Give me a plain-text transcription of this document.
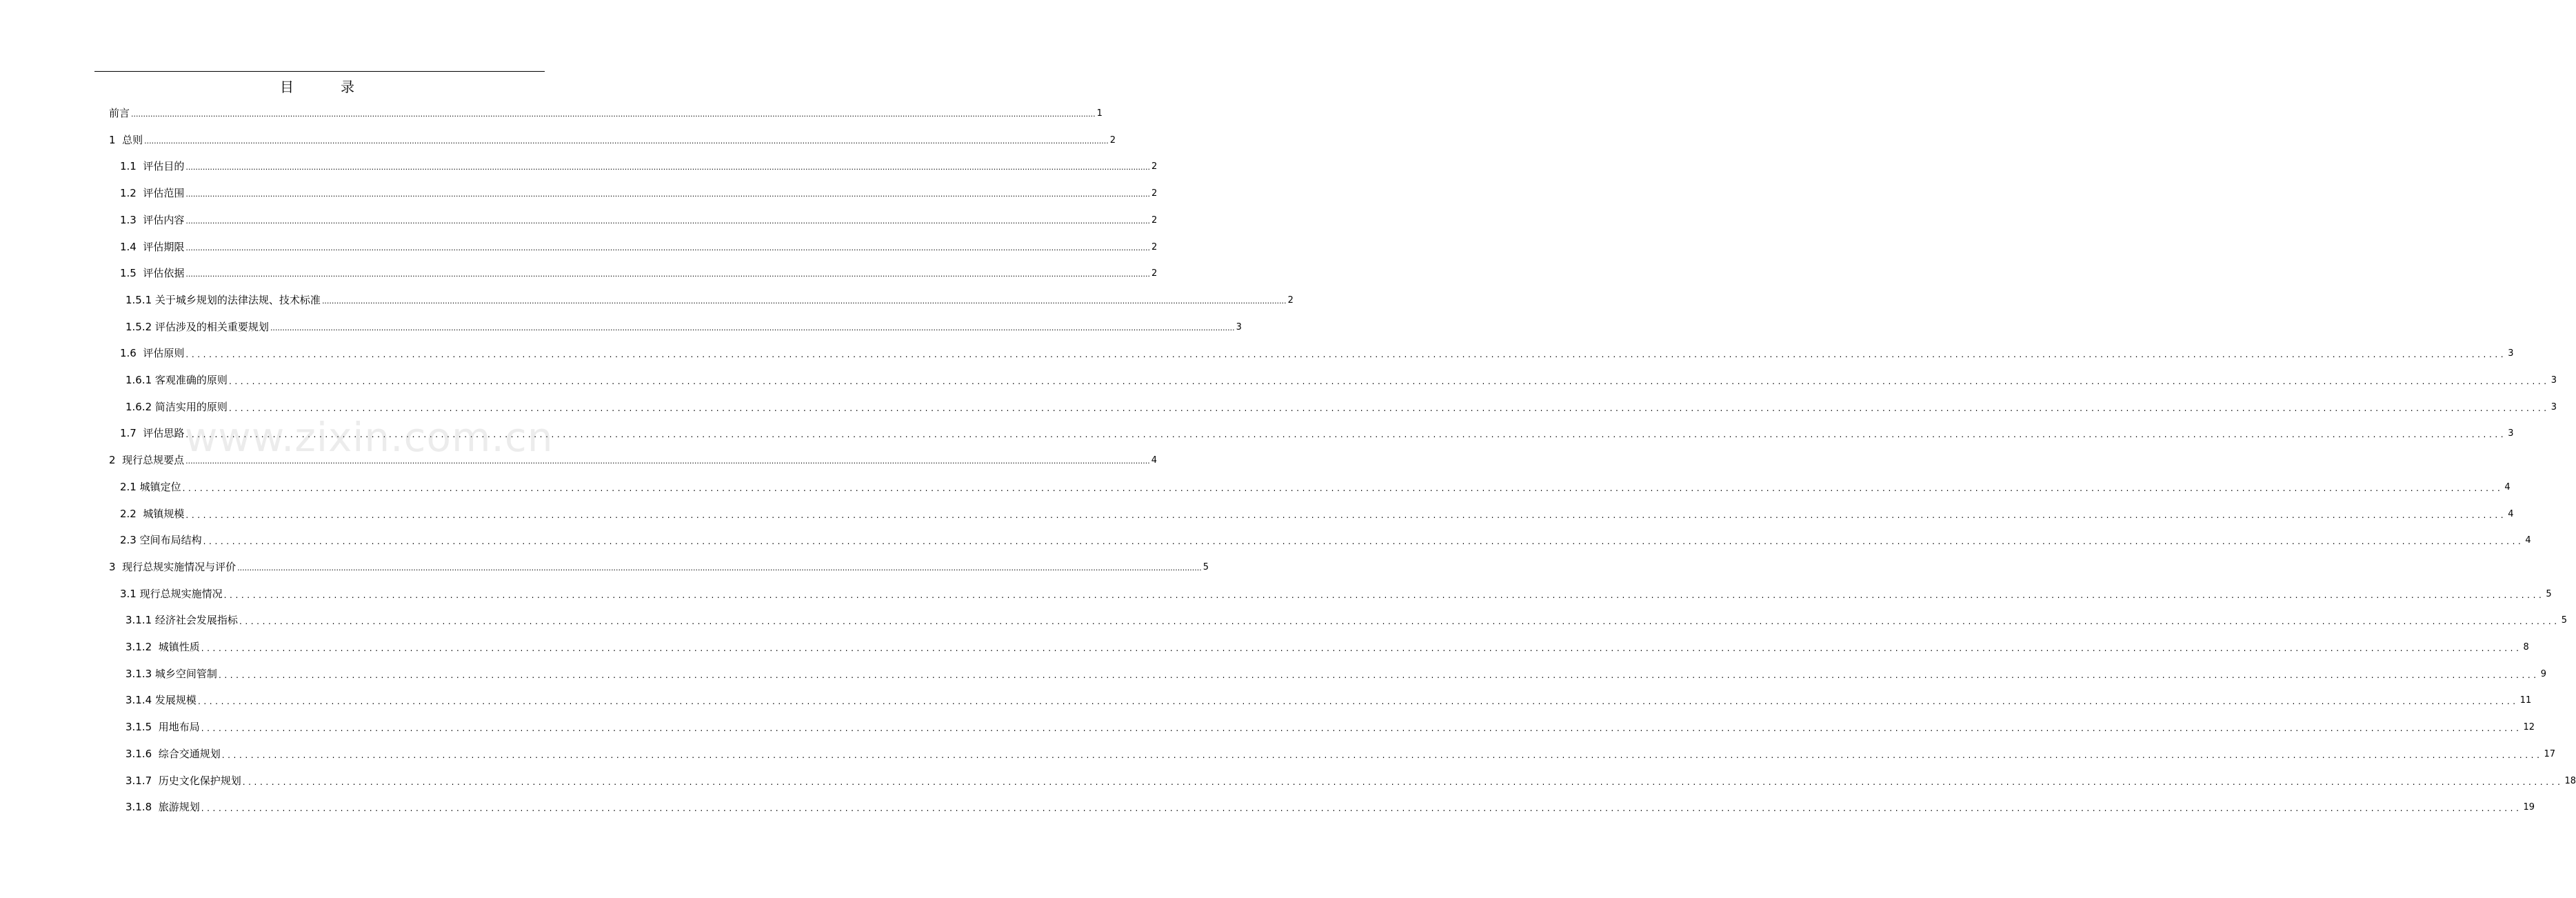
目　录
前言 ................................................................................................................................................................................................................................................................................................................................................................................................................ 1
1  总则 ................................................................................................................................................................................................................................................................................................................................................................................................................ 2
1.1  评估目的 ................................................................................................................................................................................................................................................................................................................................................................................................................ 2
1.2  评估范围 ................................................................................................................................................................................................................................................................................................................................................................................................................ 2
1.3  评估内容 ................................................................................................................................................................................................................................................................................................................................................................................................................ 2
1.4  评估期限 ................................................................................................................................................................................................................................................................................................................................................................................................................ 2
1.5  评估依据 ................................................................................................................................................................................................................................................................................................................................................................................................................ 2
1.5.1 关于城乡规划的法律法规、技术标准 ................................................................................................................................................................................................................................................................................................................................................................................................................ 2
1.5.2 评估涉及的相关重要规划 ................................................................................................................................................................................................................................................................................................................................................................................................................ 3
1.6  评估原则 ................................................................................................................................................................................................................................................................................................................................................................................................................ 3
1.6.1 客观准确的原则 ................................................................................................................................................................................................................................................................................................................................................................................................................ 3
1.6.2 简洁实用的原则 ................................................................................................................................................................................................................................................................................................................................................................................................................ 3
1.7  评估思路 ................................................................................................................................................................................................................................................................................................................................................................................................................ 3
2  现行总规要点 ................................................................................................................................................................................................................................................................................................................................................................................................................ 4
2.1 城镇定位 ................................................................................................................................................................................................................................................................................................................................................................................................................ 4
2.2  城镇规模 ................................................................................................................................................................................................................................................................................................................................................................................................................ 4
2.3 空间布局结构 ................................................................................................................................................................................................................................................................................................................................................................................................................ 4
3  现行总规实施情况与评价 ................................................................................................................................................................................................................................................................................................................................................................................................................ 5
3.1 现行总规实施情况 ................................................................................................................................................................................................................................................................................................................................................................................................................ 5
3.1.1 经济社会发展指标 ................................................................................................................................................................................................................................................................................................................................................................................................................ 5
3.1.2  城镇性质 ................................................................................................................................................................................................................................................................................................................................................................................................................ 8
3.1.3 城乡空间管制 ................................................................................................................................................................................................................................................................................................................................................................................................................ 9
3.1.4 发展规模 ................................................................................................................................................................................................................................................................................................................................................................................................................ 11
3.1.5  用地布局 ................................................................................................................................................................................................................................................................................................................................................................................................................ 12
3.1.6  综合交通规划 ................................................................................................................................................................................................................................................................................................................................................................................................................ 17
3.1.7  历史文化保护规划 ................................................................................................................................................................................................................................................................................................................................................................................................................ 18
3.1.8  旅游规划 ................................................................................................................................................................................................................................................................................................................................................................................................................ 19
www.zixin.com.cn
